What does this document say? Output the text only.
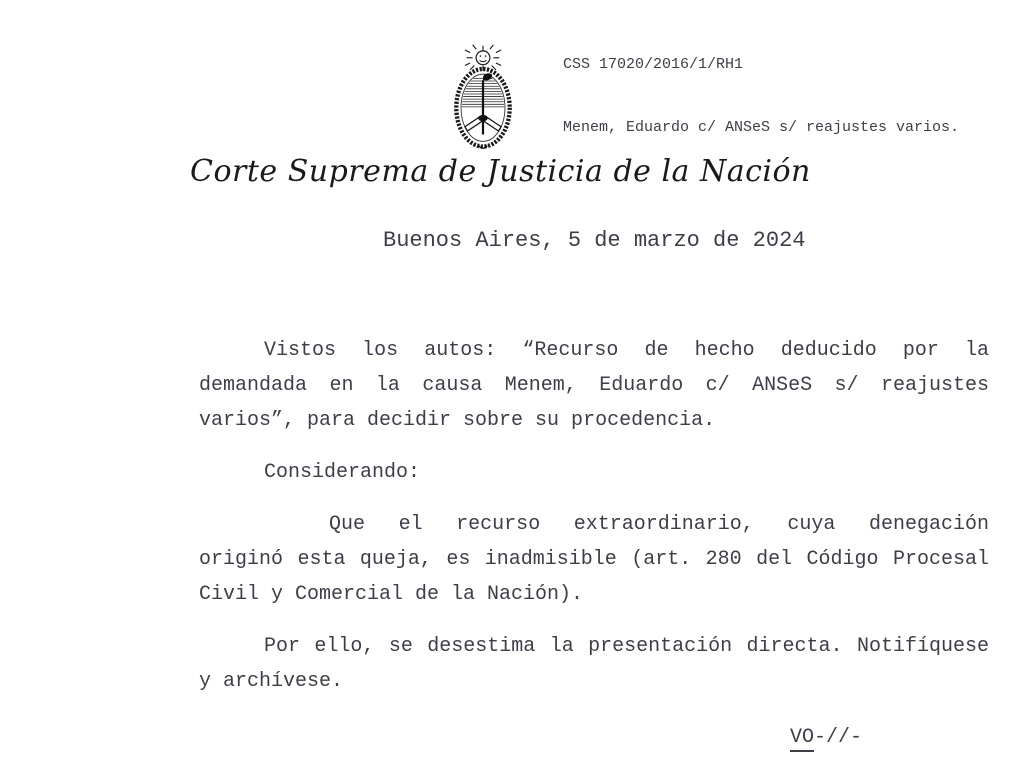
CSS 17020/2016/1/RH1

Menem, Eduardo c/ ANSeS s/ reajustes varios.

Corte Suprema de Justicia de la Nación
Buenos Aires, 5 de marzo de 2024
Vistos los autos: “Recurso de hecho deducido por la
demandada en la causa Menem, Eduardo c/ ANSeS s/ reajustes
varios”, para decidir sobre su procedencia.
Considerando:
Que el recurso extraordinario, cuya denegación
originó esta queja, es inadmisible (art. 280 del Código Procesal
Civil y Comercial de la Nación).
Por ello, se desestima la presentación directa. Notifíquese
y archívese.
VO-//-
